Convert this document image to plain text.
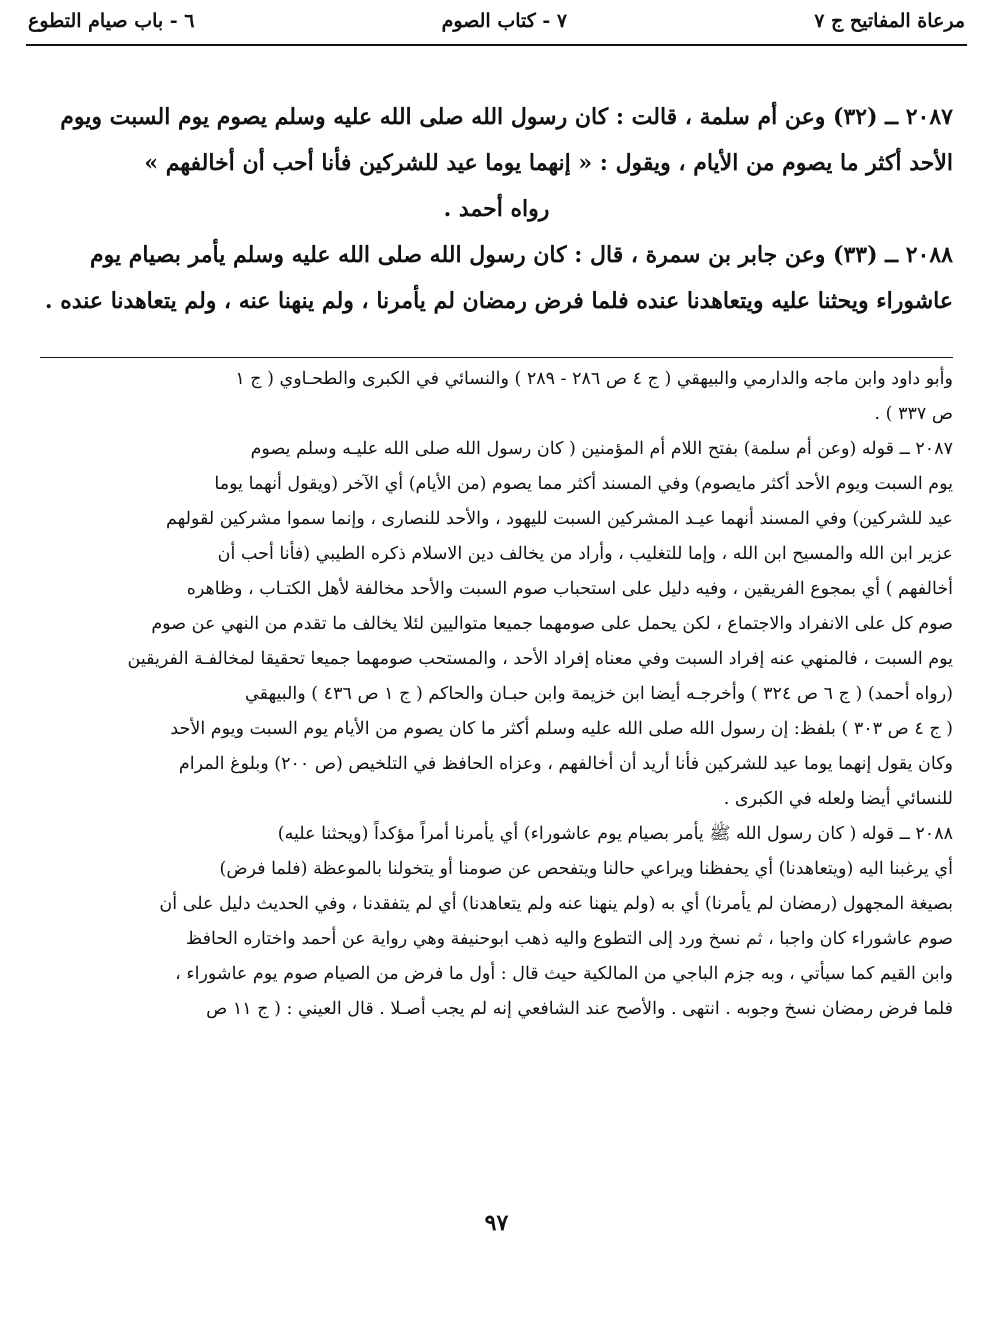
مرعاة المفاتيح ج ٧
٧ - كتاب الصوم
٦ - باب صيام التطوع

٢٠٨٧ ــ (٣٢) وعن أم سلمة ، قالت : كان رسول الله صلى الله عليه وسلم يصوم يوم السبت ويوم

الأحد أكثر ما يصوم من الأيام ، ويقول : « إنهما يوما عيد للشركين فأنا أحب أن أخالفهم »

رواه أحمد .

٢٠٨٨ ــ (٣٣) وعن جابر بن سمرة ، قال : كان رسول الله صلى الله عليه وسلم يأمر بصيام يوم

عاشوراء ويحثنا عليه ويتعاهدنا عنده فلما فرض رمضان لم يأمرنا ، ولم ينهنا عنه ، ولم يتعاهدنا عنده .

وأبو داود وابن ماجه والدارمي والبيهقي ( ج ٤ ص ٢٨٦ - ٢٨٩ ) والنسائي في الكبرى والطحـاوي ( ج ١

ص ٣٣٧ ) .

٢٠٨٧ ــ قوله (وعن أم سلمة) بفتح اللام أم المؤمنين ( كان رسول الله صلى الله عليـه وسلم يصوم

يوم السبت ويوم الأحد أكثر مايصوم) وفي المسند أكثر مما يصوم (من الأيام) أي الآخر (ويقول أنهما يوما

عيد للشركين) وفي المسند أنهما عيـد المشركين السبت لليهود ، والأحد للنصارى ، وإنما سموا مشركين لقولهم

عزير ابن الله والمسيح ابن الله ، وإما للتغليب ، وأراد من يخالف دين الاسلام ذكره الطيبي (فأنا أحب أن

أخالفهم ) أي بمجوع الفريقين ، وفيه دليل على استحباب صوم السبت والأحد مخالفة لأهل الكتـاب ، وظاهره

صوم كل على الانفراد والاجتماع ، لكن يحمل على صومهما جميعا متواليين لئلا يخالف ما تقدم من النهي عن صوم

يوم السبت ، فالمنهي عنه إفراد السبت وفي معناه إفراد الأحد ، والمستحب صومهما جميعا تحقيقا لمخالفـة الفريقين

(رواه أحمد) ( ج ٦ ص ٣٢٤ ) وأخرجـه أيضا ابن خزيمة وابن حبـان والحاكم ( ج ١ ص ٤٣٦ ) والبيهقي

( ج ٤ ص ٣٠٣ ) بلفظ: إن رسول الله صلى الله عليه وسلم أكثر ما كان يصوم من الأيام يوم السبت ويوم الأحد

وكان يقول إنهما يوما عيد للشركين فأنا أريد أن أخالفهم ، وعزاه الحافظ في التلخيص (ص ٢٠٠) وبلوغ المرام

للنسائي أيضا ولعله في الكبرى .

٢٠٨٨ ــ قوله ( كان رسول الله ﷺ يأمر بصيام يوم عاشوراء) أي يأمرنا أمراً مؤكداً (ويحثنا عليه)

أي يرغبنا اليه (ويتعاهدنا) أي يحفظنا ويراعي حالنا ويتفحص عن صومنا أو يتخولنا بالموعظة (فلما فرض)

بصيغة المجهول (رمضان لم يأمرنا) أي به (ولم ينهنا عنه ولم يتعاهدنا) أي لم يتفقدنا ، وفي الحديث دليل على أن

صوم عاشوراء كان واجبا ، ثم نسخ ورد إلى التطوع واليه ذهب ابوحنيفة وهي رواية عن أحمد واختاره الحافظ

وابن القيم كما سيأتي ، وبه جزم الباجي من المالكية حيث قال : أول ما فرض من الصيام صوم يوم عاشوراء ،

فلما فرض رمضان نسخ وجوبه . انتهى . والأصح عند الشافعي إنه لم يجب أصـلا . قال العيني : ( ج ١١ ص

٩٧
